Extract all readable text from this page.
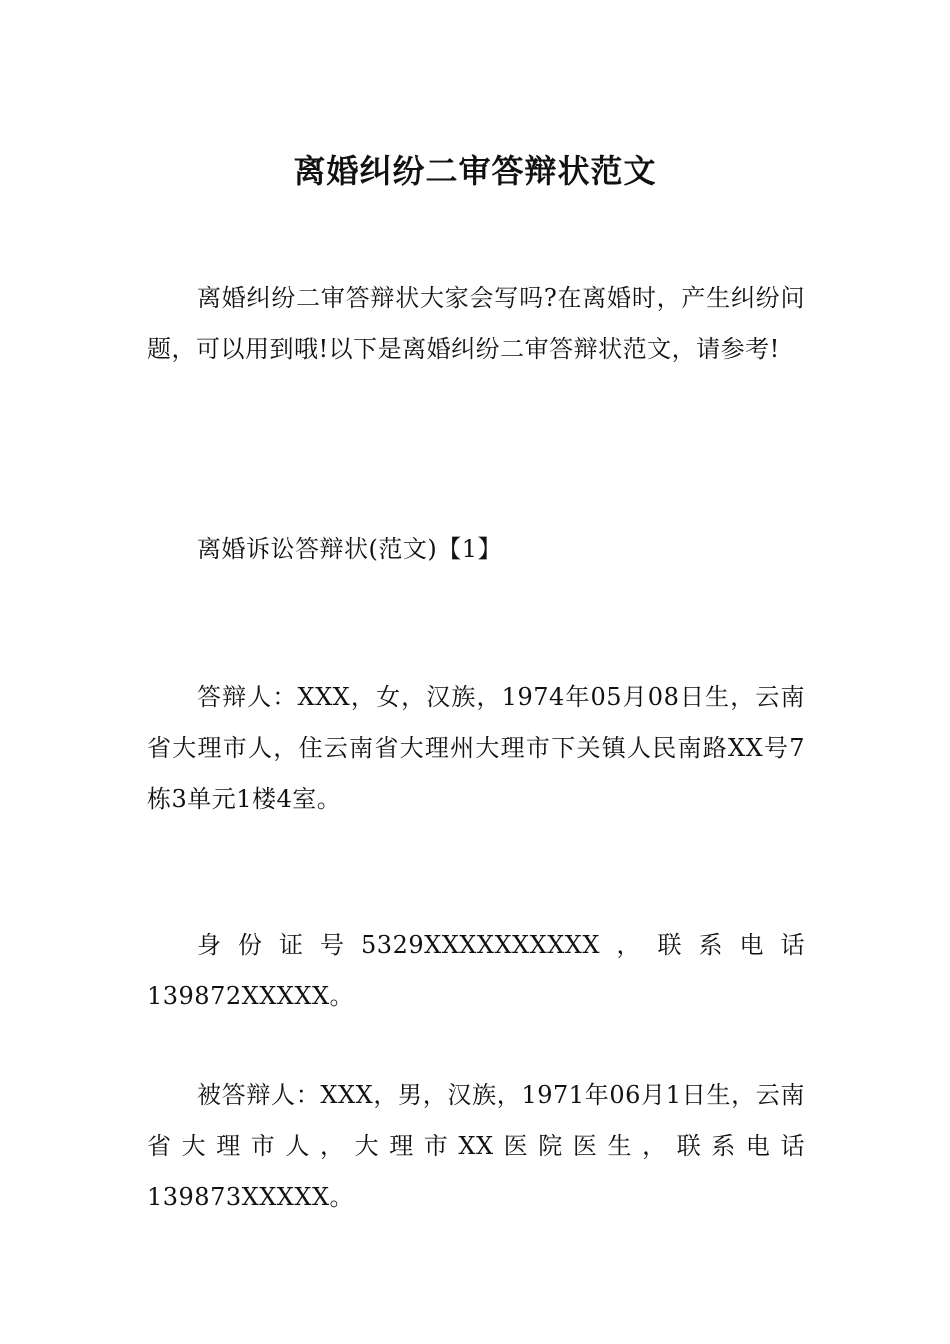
离婚纠纷二审答辩状范文

离婚纠纷二审答辩状大家会写吗?在离婚时，产生纠纷问题，可以用到哦!以下是离婚纠纷二审答辩状范文，请参考!

离婚诉讼答辩状(范文)【1】

答辩人：XXX，女，汉族，1974年05月08日生，云南省大理市人，住云南省大理州大理市下关镇人民南路XX号7栋3单元1楼4室。

身份证号5329XXXXXXXXXX，联系电话139872XXXXX。

被答辩人：XXX，男，汉族，1971年06月1日生，云南省大理市人，大理市XX医院医生，联系电话139873XXXXX。
